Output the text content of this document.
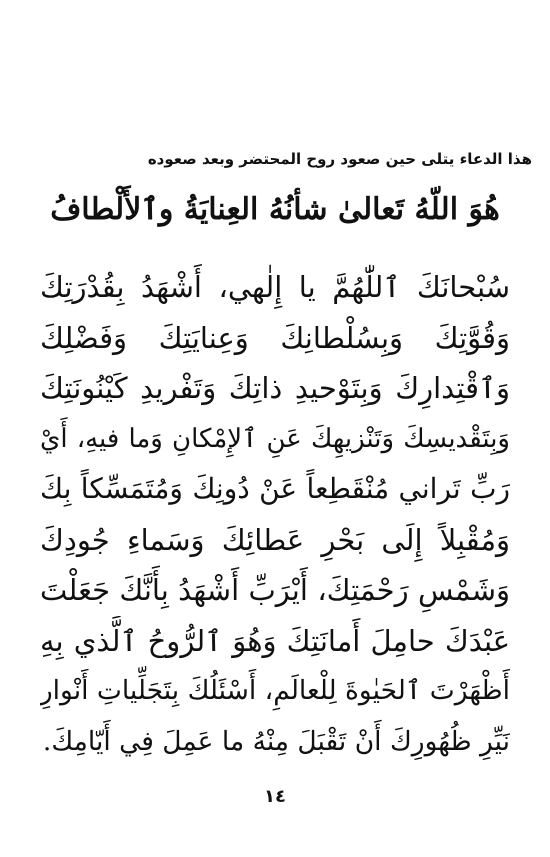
هذا الدعاء يتلى حين صعود روح المحتضر وبعد صعوده
هُوَ اللّهُ تَعالىٰ شأنُهُ العِنايَةُ وٱلأَلْطافُ
سُبْحانَكَ ٱللّٰهُمَّ يا إِلٰهي، أَشْهَدُ بِقُدْرَتِكَ
وَقُوَّتِكَ وَبِسُلْطانِكَ وَعِنايَتِكَ وَفَضْلِكَ
وَٱقْتِدارِكَ وَبِتَوْحيدِ ذاتِكَ وَتَفْريدِ كَيْنُونَتِكَ
وَبِتَقْديسِكَ وَتَنْزيهِكَ عَنِ ٱلإِمْكانِ وَما فيهِ، أَيْ
رَبِّ تَراني مُنْقَطِعاً عَنْ دُونِكَ وَمُتَمَسِّكاً بِكَ
وَمُقْبِلاً إِلَى بَحْرِ عَطائِكَ وَسَماءِ جُودِكَ
وَشَمْسِ رَحْمَتِكَ، أَيْرَبِّ أَشْهَدُ بِأَنَّكَ جَعَلْتَ
عَبْدَكَ حامِلَ أَمانَتِكَ وَهُوَ ٱلرُّوحُ ٱلَّذي بِهِ
أَظْهَرْتَ ٱلحَيٰوةَ لِلْعالَمِ، أَسْئَلُكَ بِتَجَلِّياتِ أَنْوارِ
نَيِّرِ ظُهُورِكَ أَنْ تَقْبَلَ مِنْهُ ما عَمِلَ فِي أَيّامِكَ.
١٤
